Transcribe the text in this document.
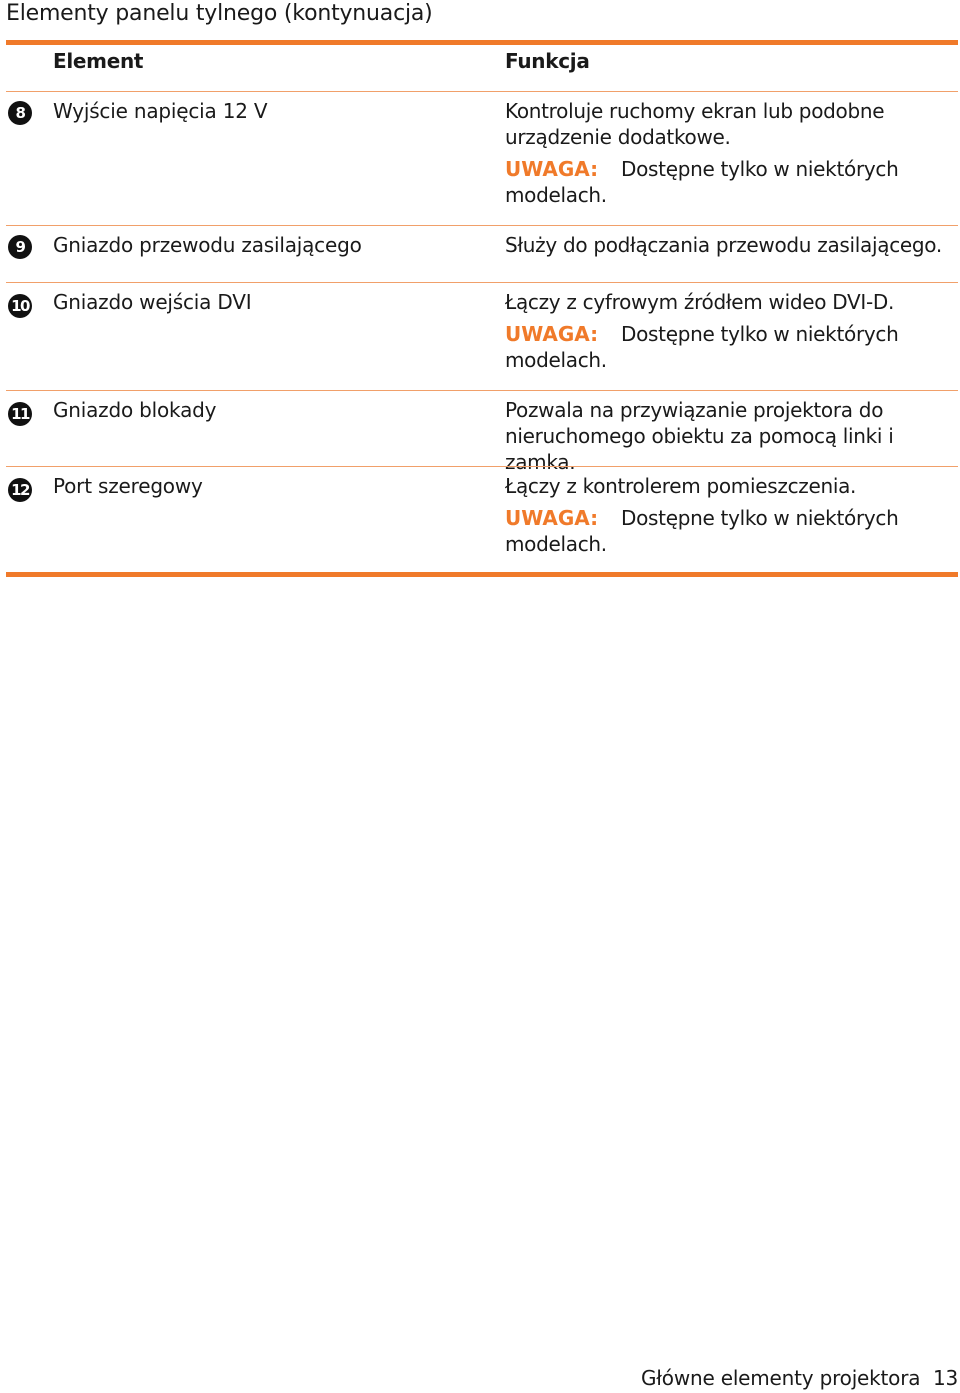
Elementy panelu tylnego (kontynuacja)
Element	Funkcja
8	Wyjście napięcia 12 V	Kontroluje ruchomy ekran lub podobne

urządzenie dodatkowe.

UWAGA: Dostępne tylko w niektórych

modelach.

9	Gniazdo przewodu zasilającego	Służy do podłączania przewodu zasilającego.

10 Gniazdo wejścia DVI	Łączy z cyfrowym źródłem wideo DVI-D.

UWAGA: Dostępne tylko w niektórych

modelach.

11 Gniazdo blokady	Pozwala na przywiązanie projektora do

nieruchomego obiektu za pomocą linki i zamka.

12 Port szeregowy	Łączy z kontrolerem pomieszczenia.

UWAGA: Dostępne tylko w niektórych

modelach.

Główne elementy projektora 13
